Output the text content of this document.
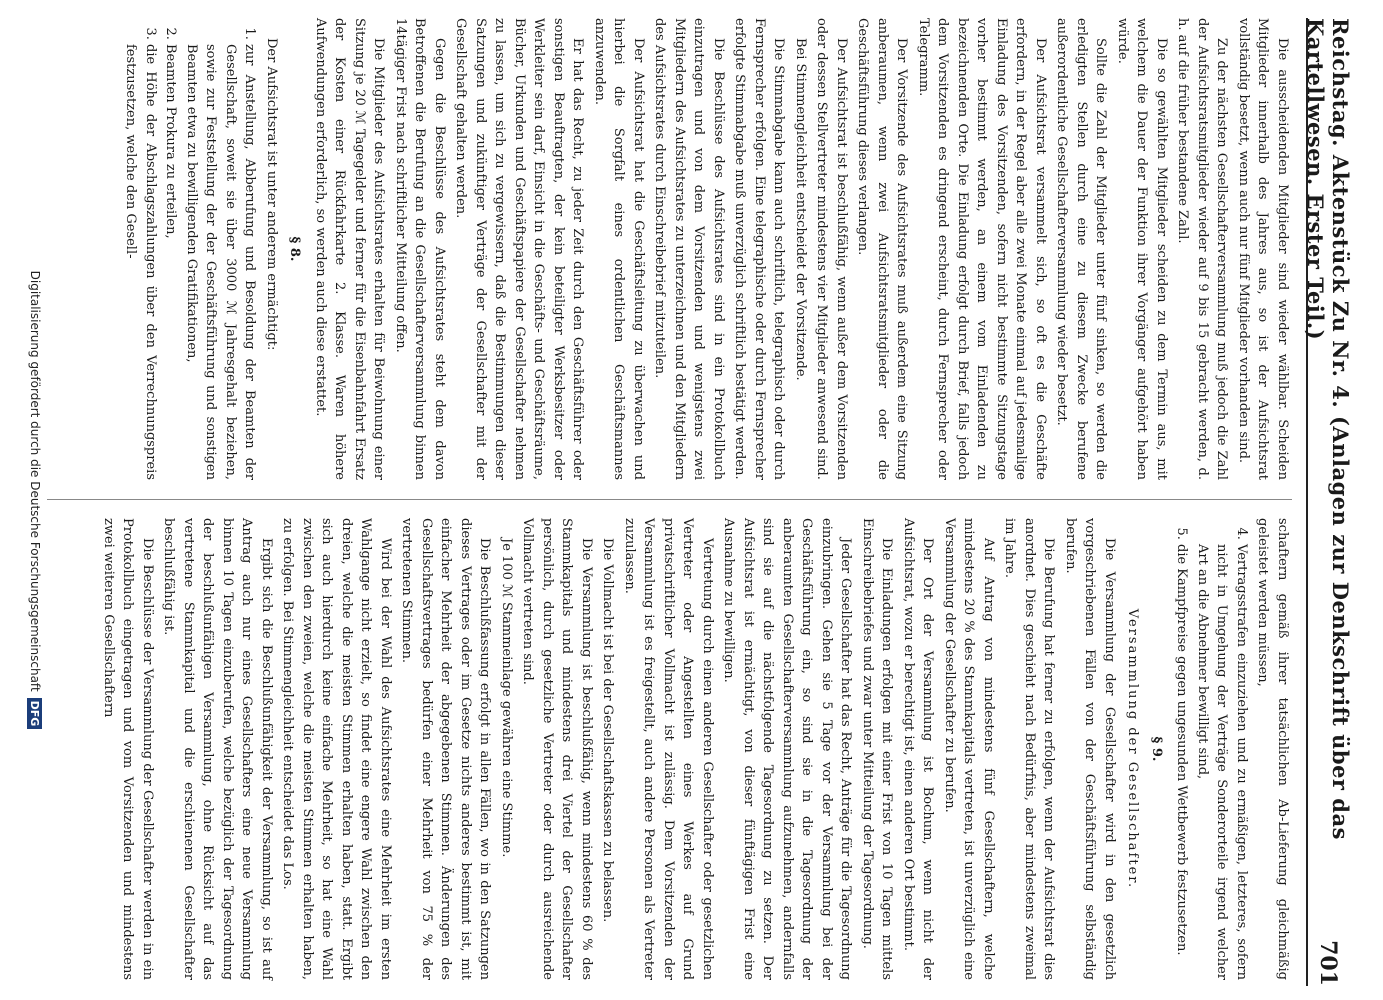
Reichstag. Aktenstück Zu Nr. 4. (Anlagen zur Denkschrift über das Kartellwesen. Erster Teil.)
701

Die ausscheidenden Mitglieder sind wieder wählbar. Scheiden Mitglieder innerhalb des Jahres aus, so ist der Aufsichtsrat vollständig besetzt, wenn auch nur fünf Mitglieder vorhanden sind.

Zu der nächsten Gesellschafterversammlung muß jedoch die Zahl der Aufsichtsratsmitglieder wieder auf 9 bis 15 gebracht werden, d. h. auf die früher bestandene Zahl.

Die so gewählten Mitglieder scheiden zu dem Termin aus, mit welchem die Dauer der Funktion ihrer Vorgänger aufgehört haben würde.

Sollte die Zahl der Mitglieder unter fünf sinken, so werden die erledigten Stellen durch eine zu diesem Zwecke berufene außerordentliche Gesellschafterversammlung wieder besetzt.

Der Aufsichtsrat versammelt sich, so oft es die Geschäfte erfordern, in der Regel aber alle zwei Monate einmal auf jedesmalige Einladung des Vorsitzenden, sofern nicht bestimmte Sitzungstage vorher bestimmt werden, an einem vom Einladenden zu bezeichnenden Orte. Die Einladung erfolgt durch Brief, falls jedoch dem Vorsitzenden es dringend erscheint, durch Fernsprecher oder Telegramm.

Der Vorsitzende des Aufsichtsrates muß außerdem eine Sitzung anberaumen, wenn zwei Aufsichtsratsmitglieder oder die Geschäftsführung dieses verlangen.

Der Aufsichtsrat ist beschlußfähig, wenn außer dem Vorsitzenden oder dessen Stellvertreter mindestens vier Mitglieder anwesend sind.

Bei Stimmengleichheit entscheidet der Vorsitzende.

Die Stimmabgabe kann auch schriftlich, telegraphisch oder durch Fernsprecher erfolgen. Eine telegraphische oder durch Fernsprecher erfolgte Stimmabgabe muß unverzüglich schriftlich bestätigt werden.

Die Beschlüsse des Aufsichtsrates sind in ein Protokollbuch einzutragen und von dem Vorsitzenden und wenigstens zwei Mitgliedern des Aufsichtsrates zu unterzeichnen und den Mitgliedern des Aufsichtsrates durch Einschreibebrief mitzuteilen.

Der Aufsichtsrat hat die Geschäftsleitung zu überwachen und hierbei die Sorgfalt eines ordentlichen Geschäftsmannes anzuwenden.

Er hat das Recht, zu jeder Zeit durch den Geschäftsführer oder sonstigen Beauftragten, der kein beteiligter Werksbesitzer oder Werkleiter sein darf, Einsicht in die Geschäfts- und Geschäftsräume, Bücher, Urkunden und Geschäftspapiere der Gesellschafter nehmen zu lassen, um sich zu vergewissern, daß die Bestimmungen dieser Satzungen und zukünftiger Verträge der Gesellschafter mit der Gesellschaft gehalten werden.

Gegen die Beschlüsse des Aufsichtsrates steht dem davon Betroffenen die Berufung an die Gesellschafterversammlung binnen 14tägiger Frist nach schriftlicher Mitteilung offen.

Die Mitglieder des Aufsichtsrates erhalten für Beiwohnung einer Sitzung je 20 ℳ Tagegelder und ferner für die Eisenbahnfahrt Ersatz der Kosten einer Rückfahrkarte 2. Klasse. Waren höhere Aufwendungen erforderlich, so werden auch diese erstattet.

§ 8.

Der Aufsichtsrat ist unter anderem ermächtigt:

1. zur Anstellung, Abberufung und Besoldung der Beamten der Gesellschaft, soweit sie über 3000 ℳ Jahresgehalt beziehen, sowie zur Feststellung der der Geschäftsführung und sonstigen Beamten etwa zu bewilligenden Gratifikationen,
2. Beamten Prokura zu erteilen,
3. die Höhe der Abschlagszahlungen über den Verrechnungspreis festzusetzen, welche den Gesell-

schaftern gemäß ihrer tatsächlichen Ab-Lieferung gleichmäßig geleistet werden müssen,

4. Vertragsstrafen einzuziehen und zu ermäßigen, letzteres, sofern nicht in Umgehung der Verträge Sonderorteile irgend welcher Art an die Abnehmer bewilligt sind,
5. die Kampfpreise gegen ungesunden Wettbewerb festzusetzen.

§ 9.

Versammlung der Gesellschafter.

Die Versammlung der Gesellschafter wird in den gesetzlich vorgeschriebenen Fällen von der Geschäftsführung selbständig berufen.

Die Berufung hat ferner zu erfolgen, wenn der Aufsichtsrat dies anordnet. Dies geschieht nach Bedürfnis, aber mindestens zweimal im Jahre.

Auf Antrag von mindestens fünf Gesellschaftern, welche mindestens 20 % des Stammkapitals vertreten, ist unverzüglich eine Versammlung der Gesellschafter zu berufen.

Der Ort der Versammlung ist Bochum, wenn nicht der Aufsichtsrat, wozu er berechtigt ist, einen anderen Ort bestimmt.

Die Einladungen erfolgen mit einer Frist von 10 Tagen mittels Einschreibebriefes und zwar unter Mitteilung der Tagesordnung.

Jeder Gesellschafter hat das Recht, Anträge für die Tagesordnung einzubringen. Gehen sie 5 Tage vor der Versammlung bei der Geschäftsführung ein, so sind sie in die Tagesordnung der anberaumten Gesellschafterversammlung aufzunehmen, andernfalls sind sie auf die nächstfolgende Tagesordnung zu setzen. Der Aufsichtsrat ist ermächtigt, von dieser fünftägigen Frist eine Ausnahme zu bewilligen.

Vertretung durch einen anderen Gesellschafter oder gesetzlichen Vertreter oder Angestellten eines Werkes auf Grund privatschriftlicher Vollmacht ist zulässig. Dem Vorsitzenden der Versammlung ist es freigestellt, auch andere Personen als Vertreter zuzulassen.

Die Vollmacht ist bei der Gesellschaftskassen zu belassen.

Die Versammlung ist beschlußfähig, wenn mindestens 60 % des Stammkapitals und mindestens drei Viertel der Gesellschafter persönlich, durch gesetzliche Vertreter oder durch ausreichende Vollmacht vertreten sind.

Je 100 ℳ Stammeinlage gewähren eine Stimme.

Die Beschlußfassung erfolgt in allen Fällen, wo in den Satzungen dieses Vertrages oder im Gesetze nichts anderes bestimmt ist, mit einfacher Mehrheit der abgegebenen Stimmen. Änderungen des Gesellschaftsvertrages bedürfen einer Mehrheit von 75 % der vertretenen Stimmen.

Wird bei der Wahl des Aufsichtsrates eine Mehrheit im ersten Wahlgange nicht erzielt, so findet eine engere Wahl zwischen den dreien, welche die meisten Stimmen erhalten haben, statt. Ergibt sich auch hierdurch keine einfache Mehrheit, so hat eine Wahl zwischen den zweien, welche die meisten Stimmen erhalten haben, zu erfolgen. Bei Stimmengleichheit entscheidet das Los.

Ergibt sich die Beschlußunfähigkeit der Versammlung, so ist auf Antrag auch nur eines Gesellschafters eine neue Versammlung binnen 10 Tagen einzuberufen, welche bezüglich der Tagesordnung der beschlußunfähigen Versammlung, ohne Rücksicht auf das vertretene Stammkapital und die erschienenen Gesellschafter beschlußfähig ist.

Die Beschlüsse der Versammlung der Gesellschafter werden in ein Protokollbuch eingetragen und vom Vorsitzenden und mindestens zwei weiteren Gesellschaftern

Digitalisierung gefördert durch die Deutsche Forschungsgemeinschaft
DFG
